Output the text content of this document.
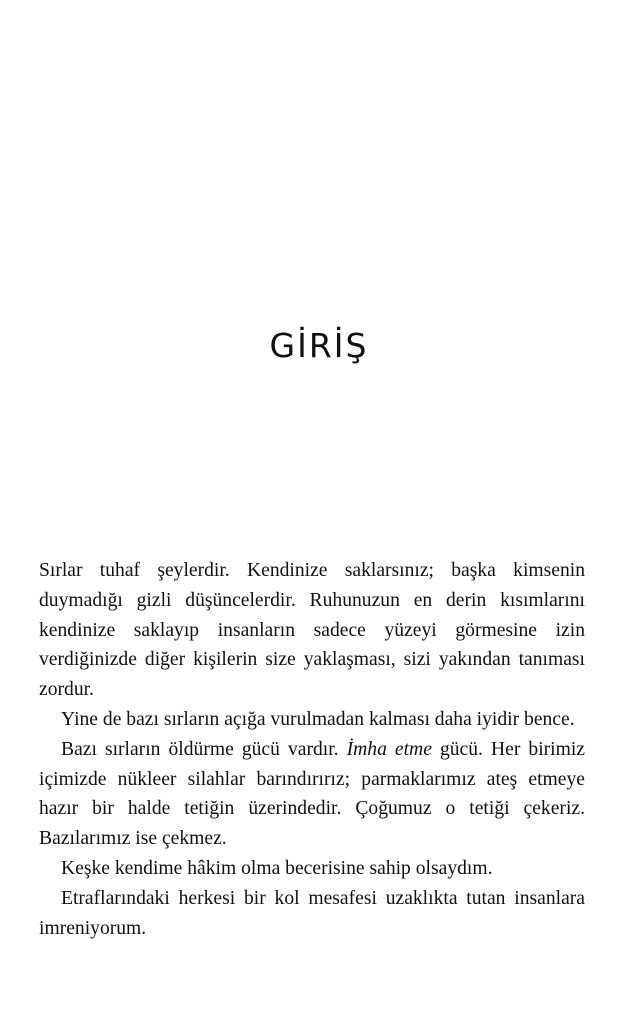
GİRİŞ

Sırlar tuhaf şeylerdir. Kendinize saklarsınız; başka kimsenin duymadığı gizli düşüncelerdir. Ruhunuzun en derin kısımlarını kendinize saklayıp insanların sadece yüzeyi görmesine izin verdiğinizde diğer kişilerin size yaklaşması, sizi yakından tanıması zordur.

Yine de bazı sırların açığa vurulmadan kalması daha iyidir bence.

Bazı sırların öldürme gücü vardır. İmha etme gücü. Her birimiz içimizde nükleer silahlar barındırırız; parmaklarımız ateş etmeye hazır bir halde tetiğin üzerindedir. Çoğumuz o tetiği çekeriz. Bazılarımız ise çekmez.

Keşke kendime hâkim olma becerisine sahip olsaydım.

Etraflarındaki herkesi bir kol mesafesi uzaklıkta tutan insanlara imreniyorum.
